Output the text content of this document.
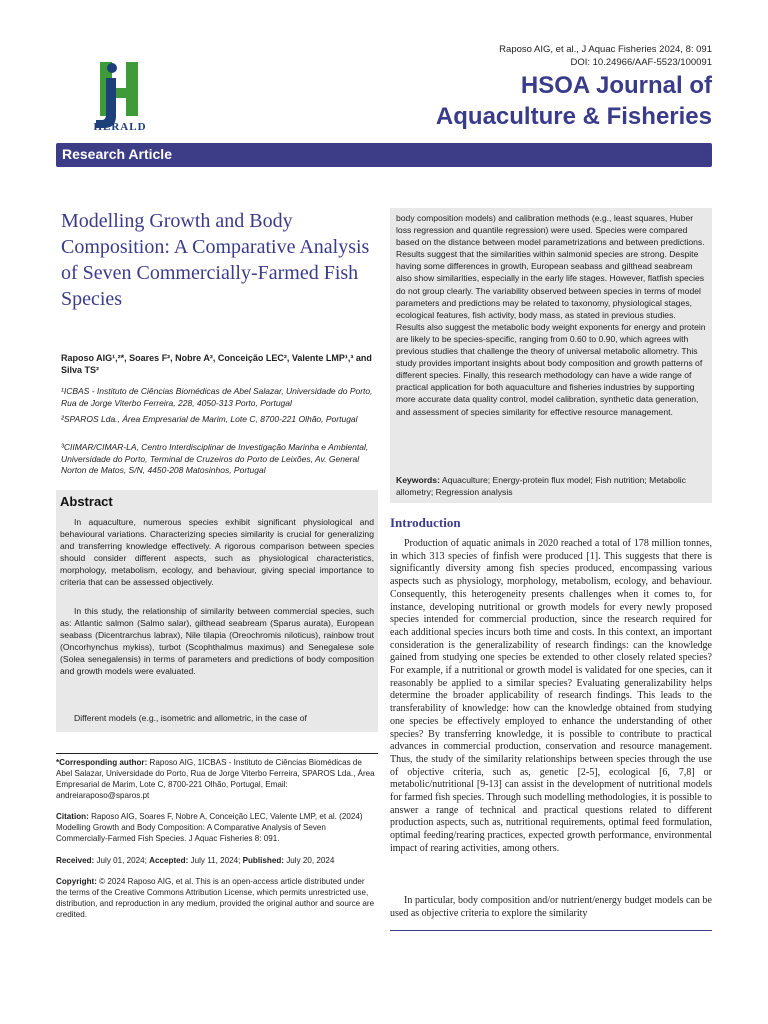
HERALD
Raposo AIG, et al., J Aquac Fisheries 2024, 8: 091
DOI: 10.24966/AAF-5523/100091
HSOA Journal of
Aquaculture & Fisheries
Research Article
Modelling Growth and Body Composition: A Comparative Analysis of Seven Commercially-Farmed Fish Species
Raposo AIG¹,²*, Soares F², Nobre A², Conceição LEC², Valente LMP¹,³ and Silva TS²
¹ICBAS - Instituto de Ciências Biomédicas de Abel Salazar, Universidade do Porto, Rua de Jorge Viterbo Ferreira, 228, 4050-313 Porto, Portugal
²SPAROS Lda., Área Empresarial de Marim, Lote C, 8700-221 Olhão, Portugal
³CIIMAR/CIMAR-LA, Centro Interdisciplinar de Investigação Marinha e Ambiental, Universidade do Porto, Terminal de Cruzeiros do Porto de Leixões, Av. General Norton de Matos, S/N, 4450-208 Matosinhos, Portugal
Abstract
In aquaculture, numerous species exhibit significant physiological and behavioural variations. Characterizing species similarity is crucial for generalizing and transferring knowledge effectively. A rigorous comparison between species should consider different aspects, such as physiological characteristics, morphology, metabolism, ecology, and behaviour, giving special importance to criteria that can be assessed objectively.
In this study, the relationship of similarity between commercial species, such as: Atlantic salmon (Salmo salar), gilthead seabream (Sparus aurata), European seabass (Dicentrarchus labrax), Nile tilapia (Oreochromis niloticus), rainbow trout (Oncorhynchus mykiss), turbot (Scophthalmus maximus) and Senegalese sole (Solea senegalensis) in terms of parameters and predictions of body composition and growth models were evaluated.
Different models (e.g., isometric and allometric, in the case of
*Corresponding author: Raposo AIG, 1ICBAS - Instituto de Ciências Biomédicas de Abel Salazar, Universidade do Porto, Rua de Jorge Viterbo Ferreira, SPAROS Lda., Área Empresarial de Marim, Lote C, 8700-221 Olhão, Portugal, Email: andreiaraposo@sparos.pt
Citation: Raposo AIG, Soares F, Nobre A, Conceição LEC, Valente LMP, et al. (2024) Modelling Growth and Body Composition: A Comparative Analysis of Seven Commercially-Farmed Fish Species. J Aquac Fisheries 8: 091.
Received: July 01, 2024; Accepted: July 11, 2024; Published: July 20, 2024
Copyright: © 2024 Raposo AIG, et al. This is an open-access article distributed under the terms of the Creative Commons Attribution License, which permits unrestricted use, distribution, and reproduction in any medium, provided the original author and source are credited.
body composition models) and calibration methods (e.g., least squares, Huber loss regression and quantile regression) were used. Species were compared based on the distance between model parametrizations and between predictions. Results suggest that the similarities within salmonid species are strong. Despite having some differences in growth, European seabass and gilthead seabream also show similarities, especially in the early life stages. However, flatfish species do not group clearly. The variability observed between species in terms of model parameters and predictions may be related to taxonomy, physiological stages, ecological features, fish activity, body mass, as stated in previous studies. Results also suggest the metabolic body weight exponents for energy and protein are likely to be species-specific, ranging from 0.60 to 0.90, which agrees with previous studies that challenge the theory of universal metabolic allometry. This study provides important insights about body composition and growth patterns of different species. Finally, this research methodology can have a wide range of practical application for both aquaculture and fisheries industries by supporting more accurate data quality control, model calibration, synthetic data generation, and assessment of species similarity for effective resource management.
Keywords: Aquaculture; Energy-protein flux model; Fish nutrition; Metabolic allometry; Regression analysis
Introduction
Production of aquatic animals in 2020 reached a total of 178 million tonnes, in which 313 species of finfish were produced [1]. This suggests that there is significantly diversity among fish species produced, encompassing various aspects such as physiology, morphology, metabolism, ecology, and behaviour. Consequently, this heterogeneity presents challenges when it comes to, for instance, developing nutritional or growth models for every newly proposed species intended for commercial production, since the research required for each additional species incurs both time and costs. In this context, an important consideration is the generalizability of research findings: can the knowledge gained from studying one species be extended to other closely related species? For example, if a nutritional or growth model is validated for one species, can it reasonably be applied to a similar species? Evaluating generalizability helps determine the broader applicability of research findings. This leads to the transferability of knowledge: how can the knowledge obtained from studying one species be effectively employed to enhance the understanding of other species? By transferring knowledge, it is possible to contribute to practical advances in commercial production, conservation and resource management. Thus, the study of the similarity relationships between species through the use of objective criteria, such as, genetic [2-5], ecological [6, 7,8] or metabolic/nutritional [9-13] can assist in the development of nutritional models for farmed fish species. Through such modelling methodologies, it is possible to answer a range of technical and practical questions related to different production aspects, such as, nutritional requirements, optimal feed formulation, optimal feeding/rearing practices, expected growth performance, environmental impact of rearing activities, among others.
In particular, body composition and/or nutrient/energy budget models can be used as objective criteria to explore the similarity
